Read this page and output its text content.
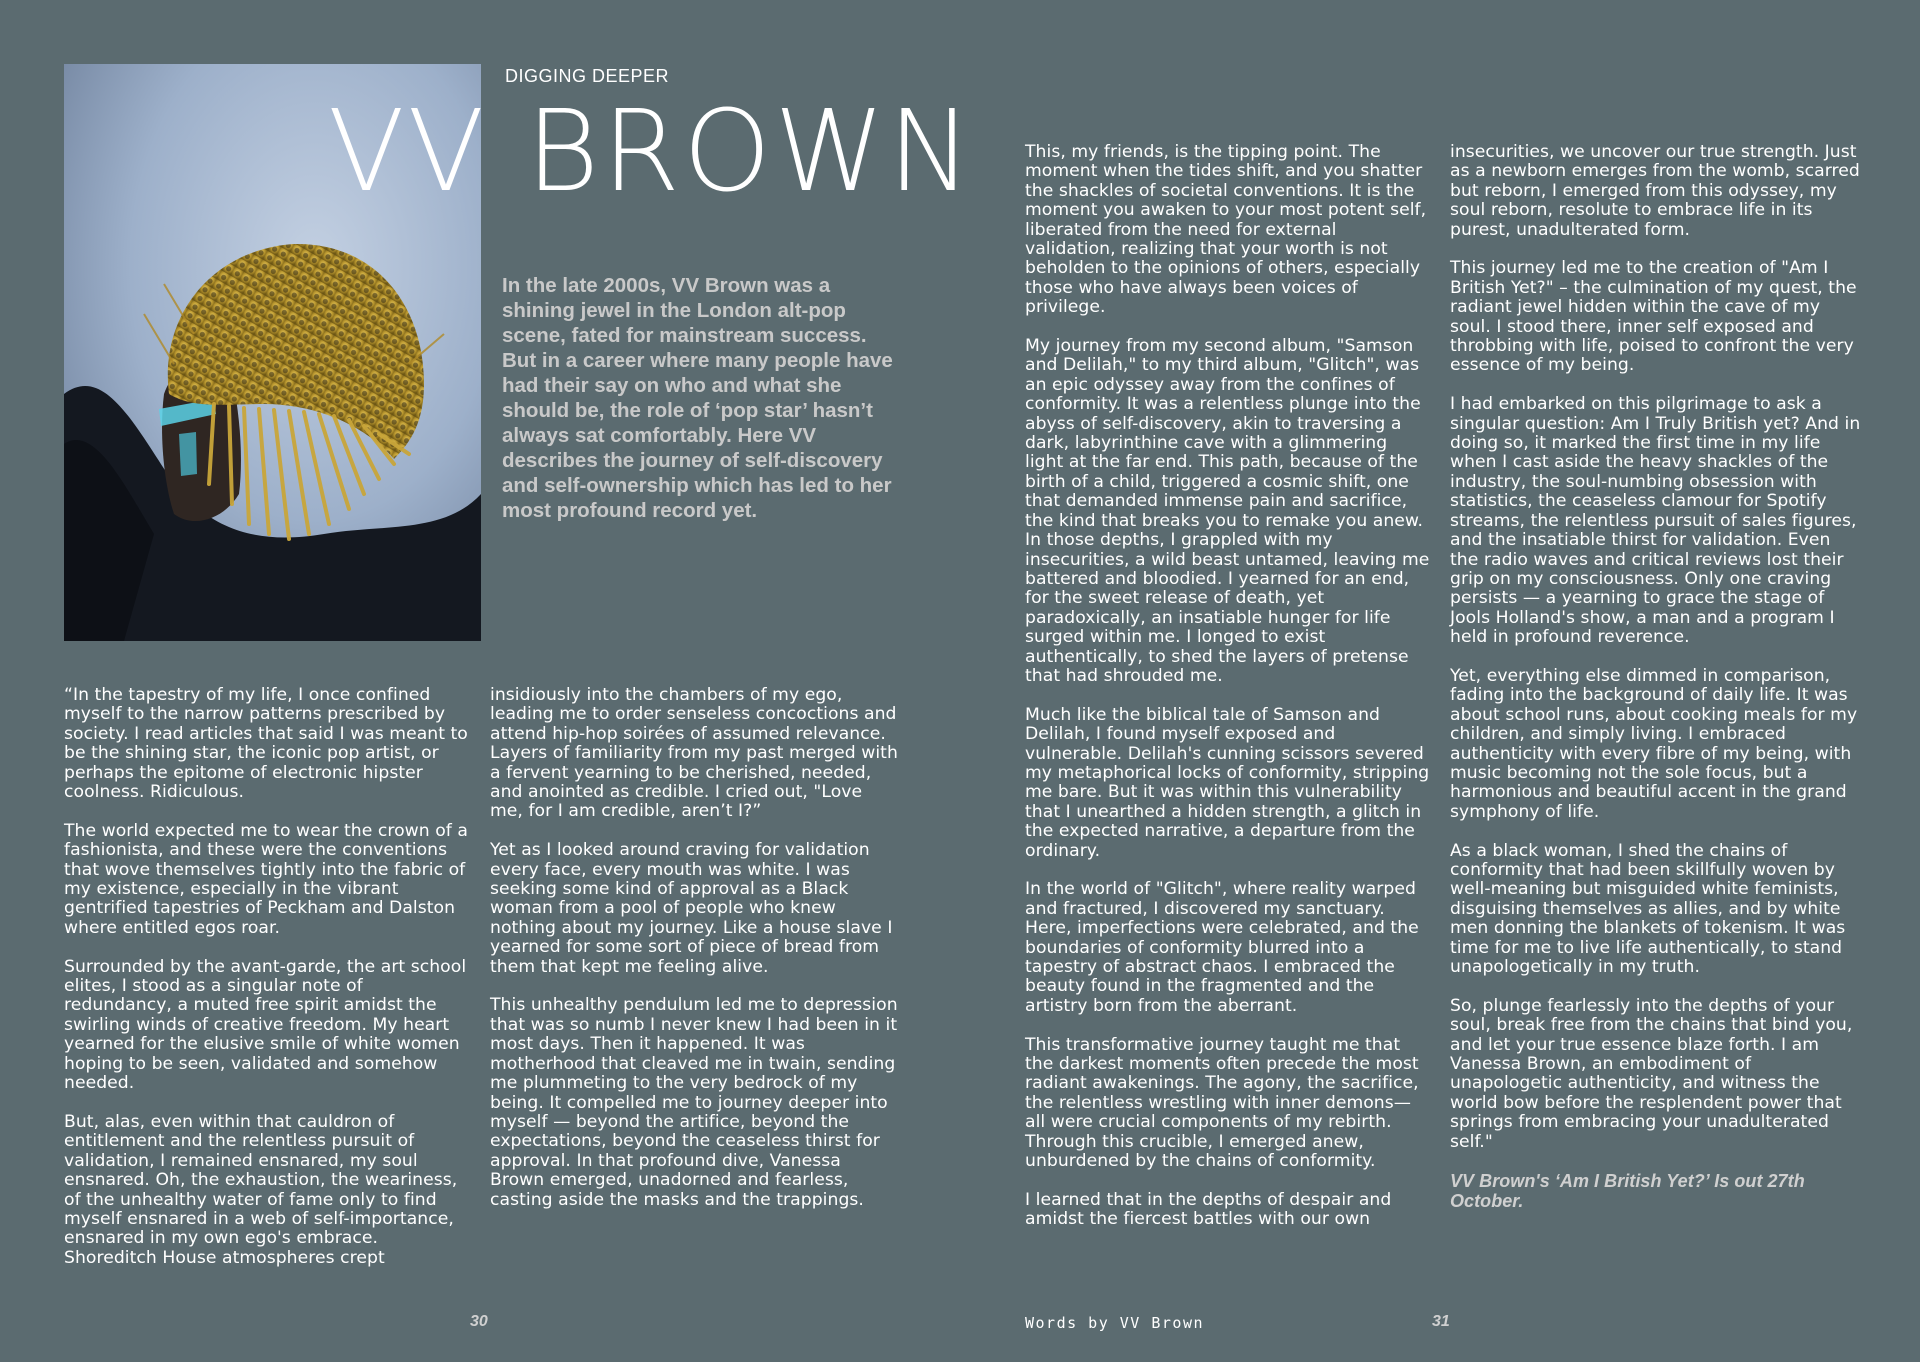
DIGGING DEEPER
VV BROWN
In the late 2000s, VV Brown was a shining jewel in the London alt-pop scene, fated for mainstream success. But in a career where many people have had their say on who and what she should be, the role of ‘pop star’ hasn’t always sat comfortably. Here VV describes the journey of self-discovery and self-ownership which has led to her most profound record yet.

“In the tapestry of my life, I once confined myself to the narrow patterns prescribed by society. I read articles that said I was meant to be the shining star, the iconic pop artist, or perhaps the epitome of electronic hipster coolness. Ridiculous.

The world expected me to wear the crown of a fashionista, and these were the conventions that wove themselves tightly into the fabric of my existence, especially in the vibrant gentrified tapestries of Peckham and Dalston where entitled egos roar.

Surrounded by the avant-garde, the art school elites, I stood as a singular note of redundancy, a muted free spirit amidst the swirling winds of creative freedom. My heart yearned for the elusive smile of white women hoping to be seen, validated and somehow needed.

But, alas, even within that cauldron of entitlement and the relentless pursuit of validation, I remained ensnared, my soul ensnared. Oh, the exhaustion, the weariness, of the unhealthy water of fame only to find myself ensnared in a web of self-importance, ensnared in my own ego's embrace. Shoreditch House atmospheres crept

insidiously into the chambers of my ego, leading me to order senseless concoctions and attend hip-hop soirées of assumed relevance. Layers of familiarity from my past merged with a fervent yearning to be cherished, needed, and anointed as credible. I cried out, "Love me, for I am credible, aren’t I?”

Yet as I looked around craving for validation every face, every mouth was white. I was seeking some kind of approval as a Black woman from a pool of people who knew nothing about my journey. Like a house slave I yearned for some sort of piece of bread from them that kept me feeling alive.

This unhealthy pendulum led me to depression that was so numb I never knew I had been in it most days. Then it happened. It was motherhood that cleaved me in twain, sending me plummeting to the very bedrock of my being. It compelled me to journey deeper into myself — beyond the artifice, beyond the expectations, beyond the ceaseless thirst for approval. In that profound dive, Vanessa Brown emerged, unadorned and fearless, casting aside the masks and the trappings.

This, my friends, is the tipping point. The moment when the tides shift, and you shatter the shackles of societal conventions. It is the moment you awaken to your most potent self, liberated from the need for external validation, realizing that your worth is not beholden to the opinions of others, especially those who have always been voices of privilege.

My journey from my second album, "Samson and Delilah," to my third album, "Glitch", was an epic odyssey away from the confines of conformity. It was a relentless plunge into the abyss of self-discovery, akin to traversing a dark, labyrinthine cave with a glimmering light at the far end. This path, because of the birth of a child, triggered a cosmic shift, one that demanded immense pain and sacrifice, the kind that breaks you to remake you anew. In those depths, I grappled with my insecurities, a wild beast untamed, leaving me battered and bloodied. I yearned for an end, for the sweet release of death, yet paradoxically, an insatiable hunger for life surged within me. I longed to exist authentically, to shed the layers of pretense that had shrouded me.

Much like the biblical tale of Samson and Delilah, I found myself exposed and vulnerable. Delilah's cunning scissors severed my metaphorical locks of conformity, stripping me bare. But it was within this vulnerability that I unearthed a hidden strength, a glitch in the expected narrative, a departure from the ordinary.

In the world of "Glitch", where reality warped and fractured, I discovered my sanctuary. Here, imperfections were celebrated, and the boundaries of conformity blurred into a tapestry of abstract chaos. I embraced the beauty found in the fragmented and the artistry born from the aberrant.

This transformative journey taught me that the darkest moments often precede the most radiant awakenings. The agony, the sacrifice, the relentless wrestling with inner demons— all were crucial components of my rebirth. Through this crucible, I emerged anew, unburdened by the chains of conformity.

I learned that in the depths of despair and amidst the fiercest battles with our own

insecurities, we uncover our true strength. Just as a newborn emerges from the womb, scarred but reborn, I emerged from this odyssey, my soul reborn, resolute to embrace life in its purest, unadulterated form.

This journey led me to the creation of "Am I British Yet?" – the culmination of my quest, the radiant jewel hidden within the cave of my soul. I stood there, inner self exposed and throbbing with life, poised to confront the very essence of my being.

I had embarked on this pilgrimage to ask a singular question: Am I Truly British yet? And in doing so, it marked the first time in my life when I cast aside the heavy shackles of the industry, the soul-numbing obsession with statistics, the ceaseless clamour for Spotify streams, the relentless pursuit of sales figures, and the insatiable thirst for validation. Even the radio waves and critical reviews lost their grip on my consciousness. Only one craving persists — a yearning to grace the stage of Jools Holland's show, a man and a program I held in profound reverence.

Yet, everything else dimmed in comparison, fading into the background of daily life. It was about school runs, about cooking meals for my children, and simply living. I embraced authenticity with every fibre of my being, with music becoming not the sole focus, but a harmonious and beautiful accent in the grand symphony of life.

As a black woman, I shed the chains of conformity that had been skillfully woven by well-meaning but misguided white feminists, disguising themselves as allies, and by white men donning the blankets of tokenism. It was time for me to live life authentically, to stand unapologetically in my truth.

So, plunge fearlessly into the depths of your soul, break free from the chains that bind you, and let your true essence blaze forth. I am Vanessa Brown, an embodiment of unapologetic authenticity, and witness the world bow before the resplendent power that springs from embracing your unadulterated self."

VV Brown's ‘Am I British Yet?’ Is out 27th October.

30	Words by VV Brown	31
